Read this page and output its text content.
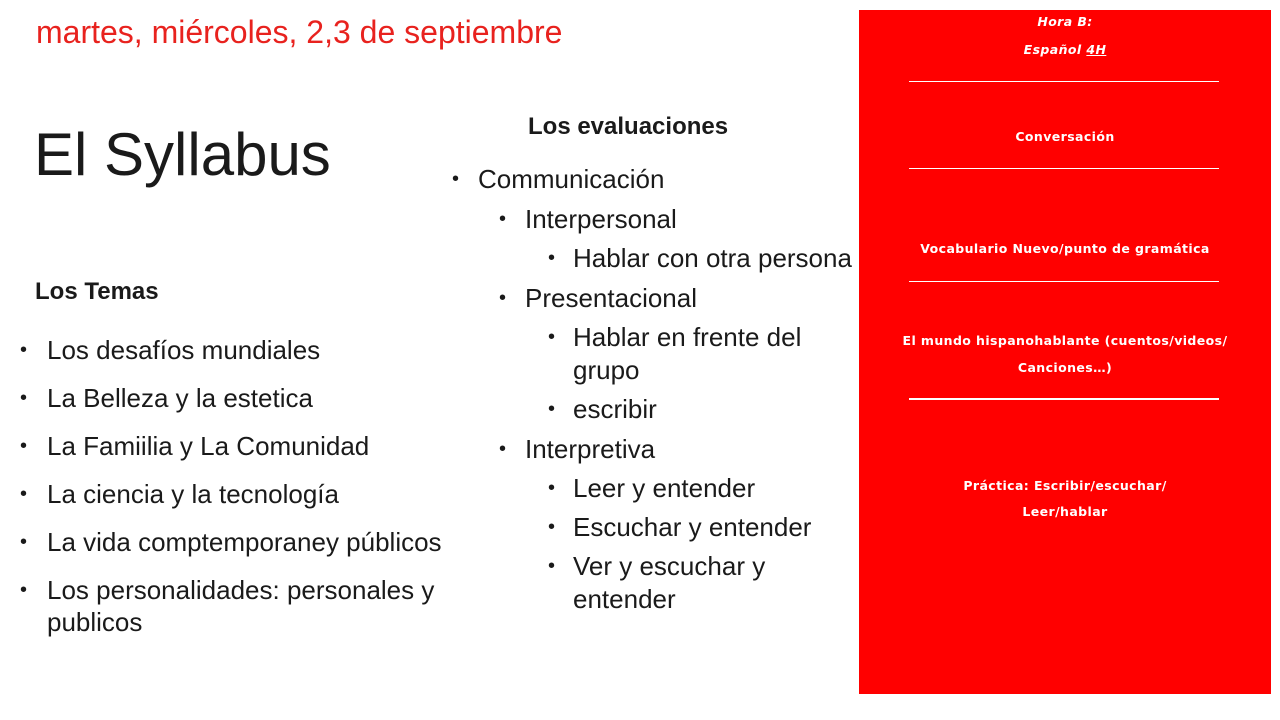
martes, miércoles, 2,3 de septiembre
El Syllabus
Los Temas
• Los desafíos mundiales
• La Belleza y la estetica
• La Famiilia y La Comunidad
• La ciencia y la tecnología
• La vida comptemporaney públicos
• Los personalidades: personales y publicos
Los evaluaciones
• Communicación
• Interpersonal
• Hablar con otra persona
• Presentacional
• Hablar en frente del grupo
• escribir
• Interpretiva
• Leer y entender
• Escuchar y entender
• Ver y escuchar y entender
Hora B:
Español 4H
Conversación
Vocabulario Nuevo/punto de gramática
El mundo hispanohablante (cuentos/videos/
Canciones…)
Práctica: Escribir/escuchar/
Leer/hablar
